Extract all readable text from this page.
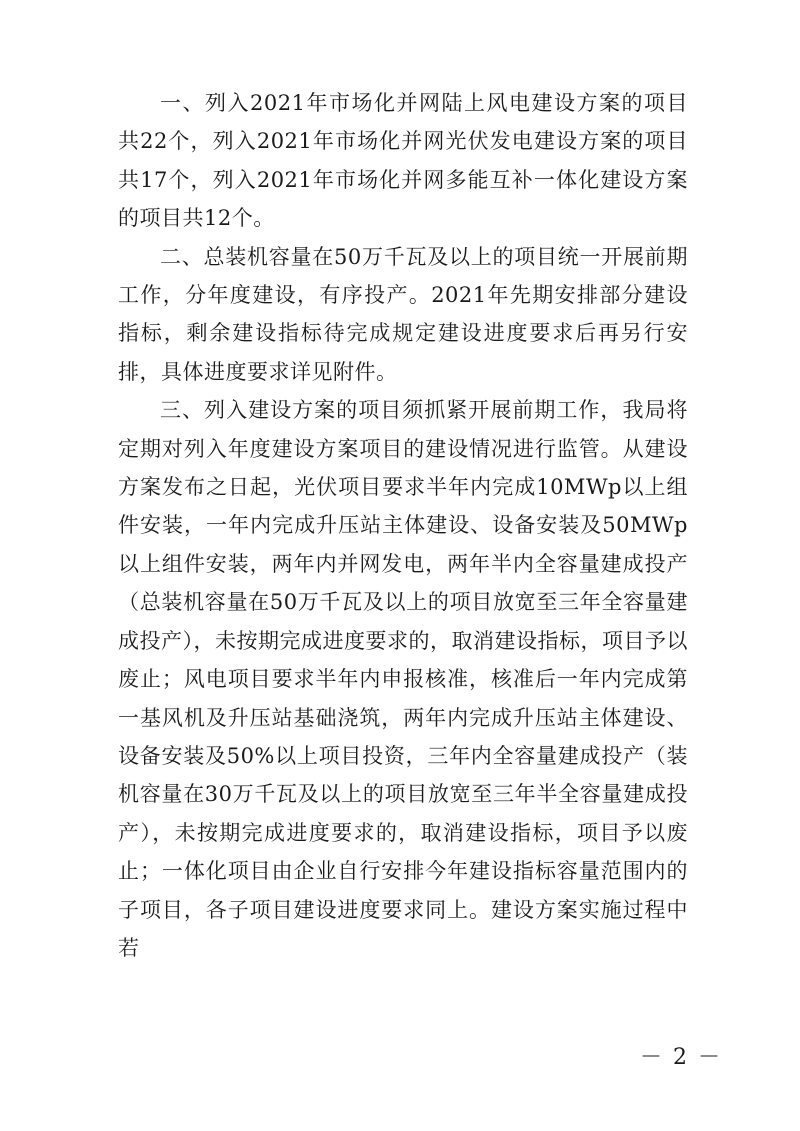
一、列入2021年市场化并网陆上风电建设方案的项目共22个，列入2021年市场化并网光伏发电建设方案的项目共17个，列入2021年市场化并网多能互补一体化建设方案的项目共12个。

二、总装机容量在50万千瓦及以上的项目统一开展前期工作，分年度建设，有序投产。2021年先期安排部分建设指标，剩余建设指标待完成规定建设进度要求后再另行安排，具体进度要求详见附件。

三、列入建设方案的项目须抓紧开展前期工作，我局将定期对列入年度建设方案项目的建设情况进行监管。从建设方案发布之日起，光伏项目要求半年内完成10MWp以上组件安装，一年内完成升压站主体建设、设备安装及50MWp以上组件安装，两年内并网发电，两年半内全容量建成投产（总装机容量在50万千瓦及以上的项目放宽至三年全容量建成投产），未按期完成进度要求的，取消建设指标，项目予以废止；风电项目要求半年内申报核准，核准后一年内完成第一基风机及升压站基础浇筑，两年内完成升压站主体建设、设备安装及50%以上项目投资，三年内全容量建成投产（装机容量在30万千瓦及以上的项目放宽至三年半全容量建成投产），未按期完成进度要求的，取消建设指标，项目予以废止；一体化项目由企业自行安排今年建设指标容量范围内的子项目，各子项目建设进度要求同上。建设方案实施过程中若

－ 2 －
